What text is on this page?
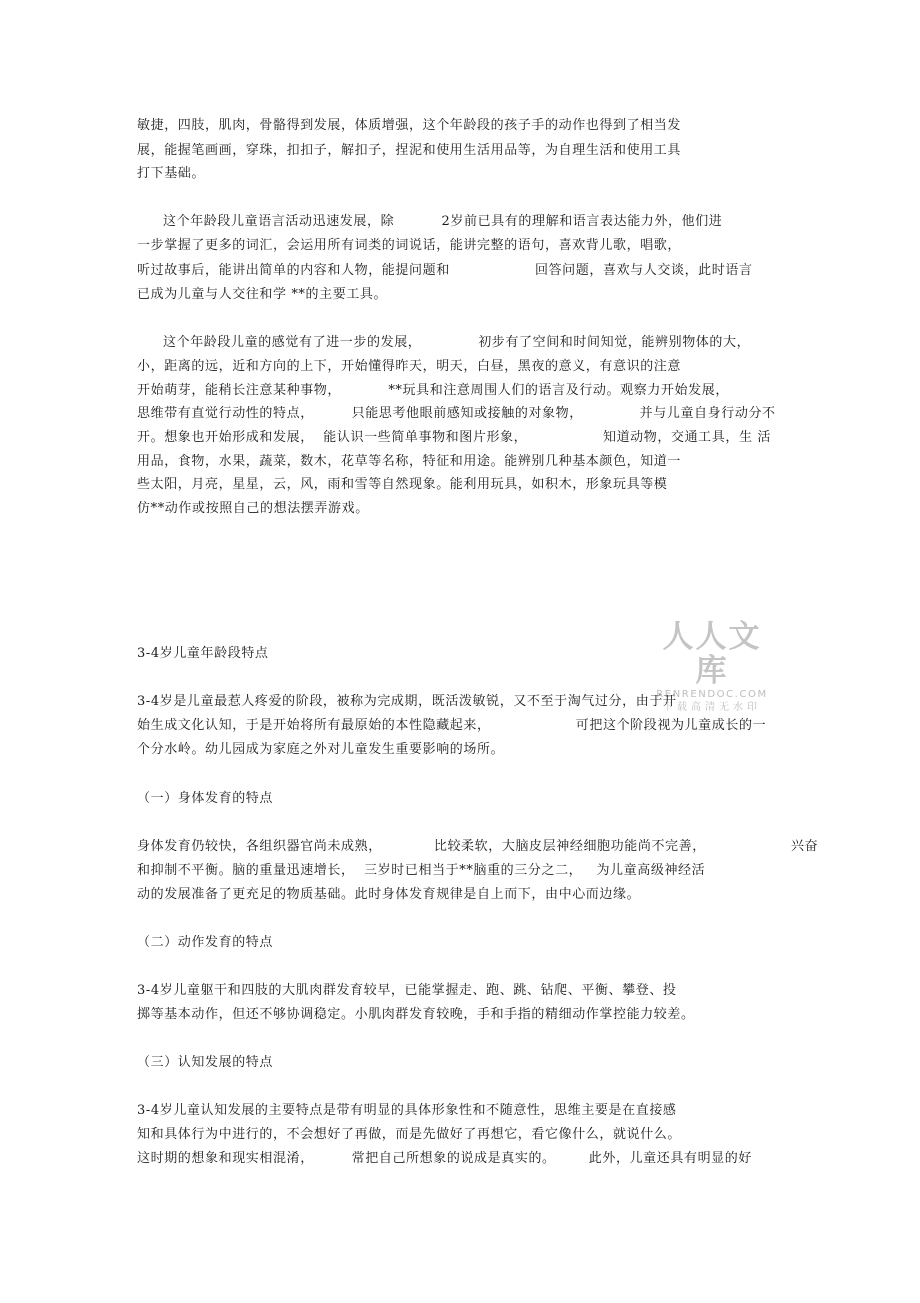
敏捷，四肢，肌肉，骨骼得到发展，体质增强，这个年龄段的孩子手的动作也得到了相当发
展，能握笔画画，穿珠，扣扣子，解扣子，捏泥和使用生活用品等，为自理生活和使用工具
打下基础。
这个年龄段儿童语言活动迅速发展，除          2岁前已具有的理解和语言表达能力外，他们进
一步掌握了更多的词汇，会运用所有词类的词说话，能讲完整的语句，喜欢背儿歌，唱歌，
听过故事后，能讲出简单的内容和人物，能提问题和                  回答问题，喜欢与人交谈，此时语言
已成为儿童与人交往和学 **的主要工具。
这个年龄段儿童的感觉有了进一步的发展，            初步有了空间和时间知觉，能辨别物体的大，
小，距离的远，近和方向的上下，开始懂得昨天，明天，白昼，黑夜的意义，有意识的注意
开始萌芽，能稍长注意某种事物，          **玩具和注意周围人们的语言及行动。观察力开始发展，
思维带有直觉行动性的特点，        只能思考他眼前感知或接触的对象物，            并与儿童自身行动分不
开。想象也开始形成和发展，  能认识一些简单事物和图片形象，                知道动物，交通工具，生 活
用品，食物，水果，蔬菜，数木，花草等名称，特征和用途。能辨别几种基本颜色，知道一
些太阳，月亮，星星，云，风，雨和雪等自然现象。能利用玩具，如积木，形象玩具等模
仿**动作或按照自己的想法摆弄游戏。
人人文库
RENRENDOC.COM
下载高清无水印
3-4岁儿童年龄段特点
3-4岁是儿童最惹人疼爱的阶段，被称为完成期，既活泼敏锐，又不至于淘气过分，由于开
始生成文化认知，于是开始将所有最原始的本性隐藏起来，                  可把这个阶段视为儿童成长的一
个分水岭。幼儿园成为家庭之外对儿童发生重要影响的场所。
（一）身体发育的特点
身体发育仍较快，各组织器官尚未成熟，           比较柔软，大脑皮层神经细胞功能尚不完善，                  兴奋
和抑制不平衡。脑的重量迅速增长，  三岁时已相当于**脑重的三分之二，   为儿童高级神经活
动的发展准备了更充足的物质基础。此时身体发育规律是自上而下，由中心而边缘。
（二）动作发育的特点
3-4岁儿童躯干和四肢的大肌肉群发育较早，已能掌握走、跑、跳、钻爬、平衡、攀登、投
掷等基本动作，但还不够协调稳定。小肌肉群发育较晚，手和手指的精细动作掌控能力较差。
（三）认知发展的特点
3-4岁儿童认知发展的主要特点是带有明显的具体形象性和不随意性，思维主要是在直接感
知和具体行为中进行的，不会想好了再做，而是先做好了再想它，看它像什么，就说什么。
这时期的想象和现实相混淆，        常把自己所想象的说成是真实的。       此外，儿童还具有明显的好
